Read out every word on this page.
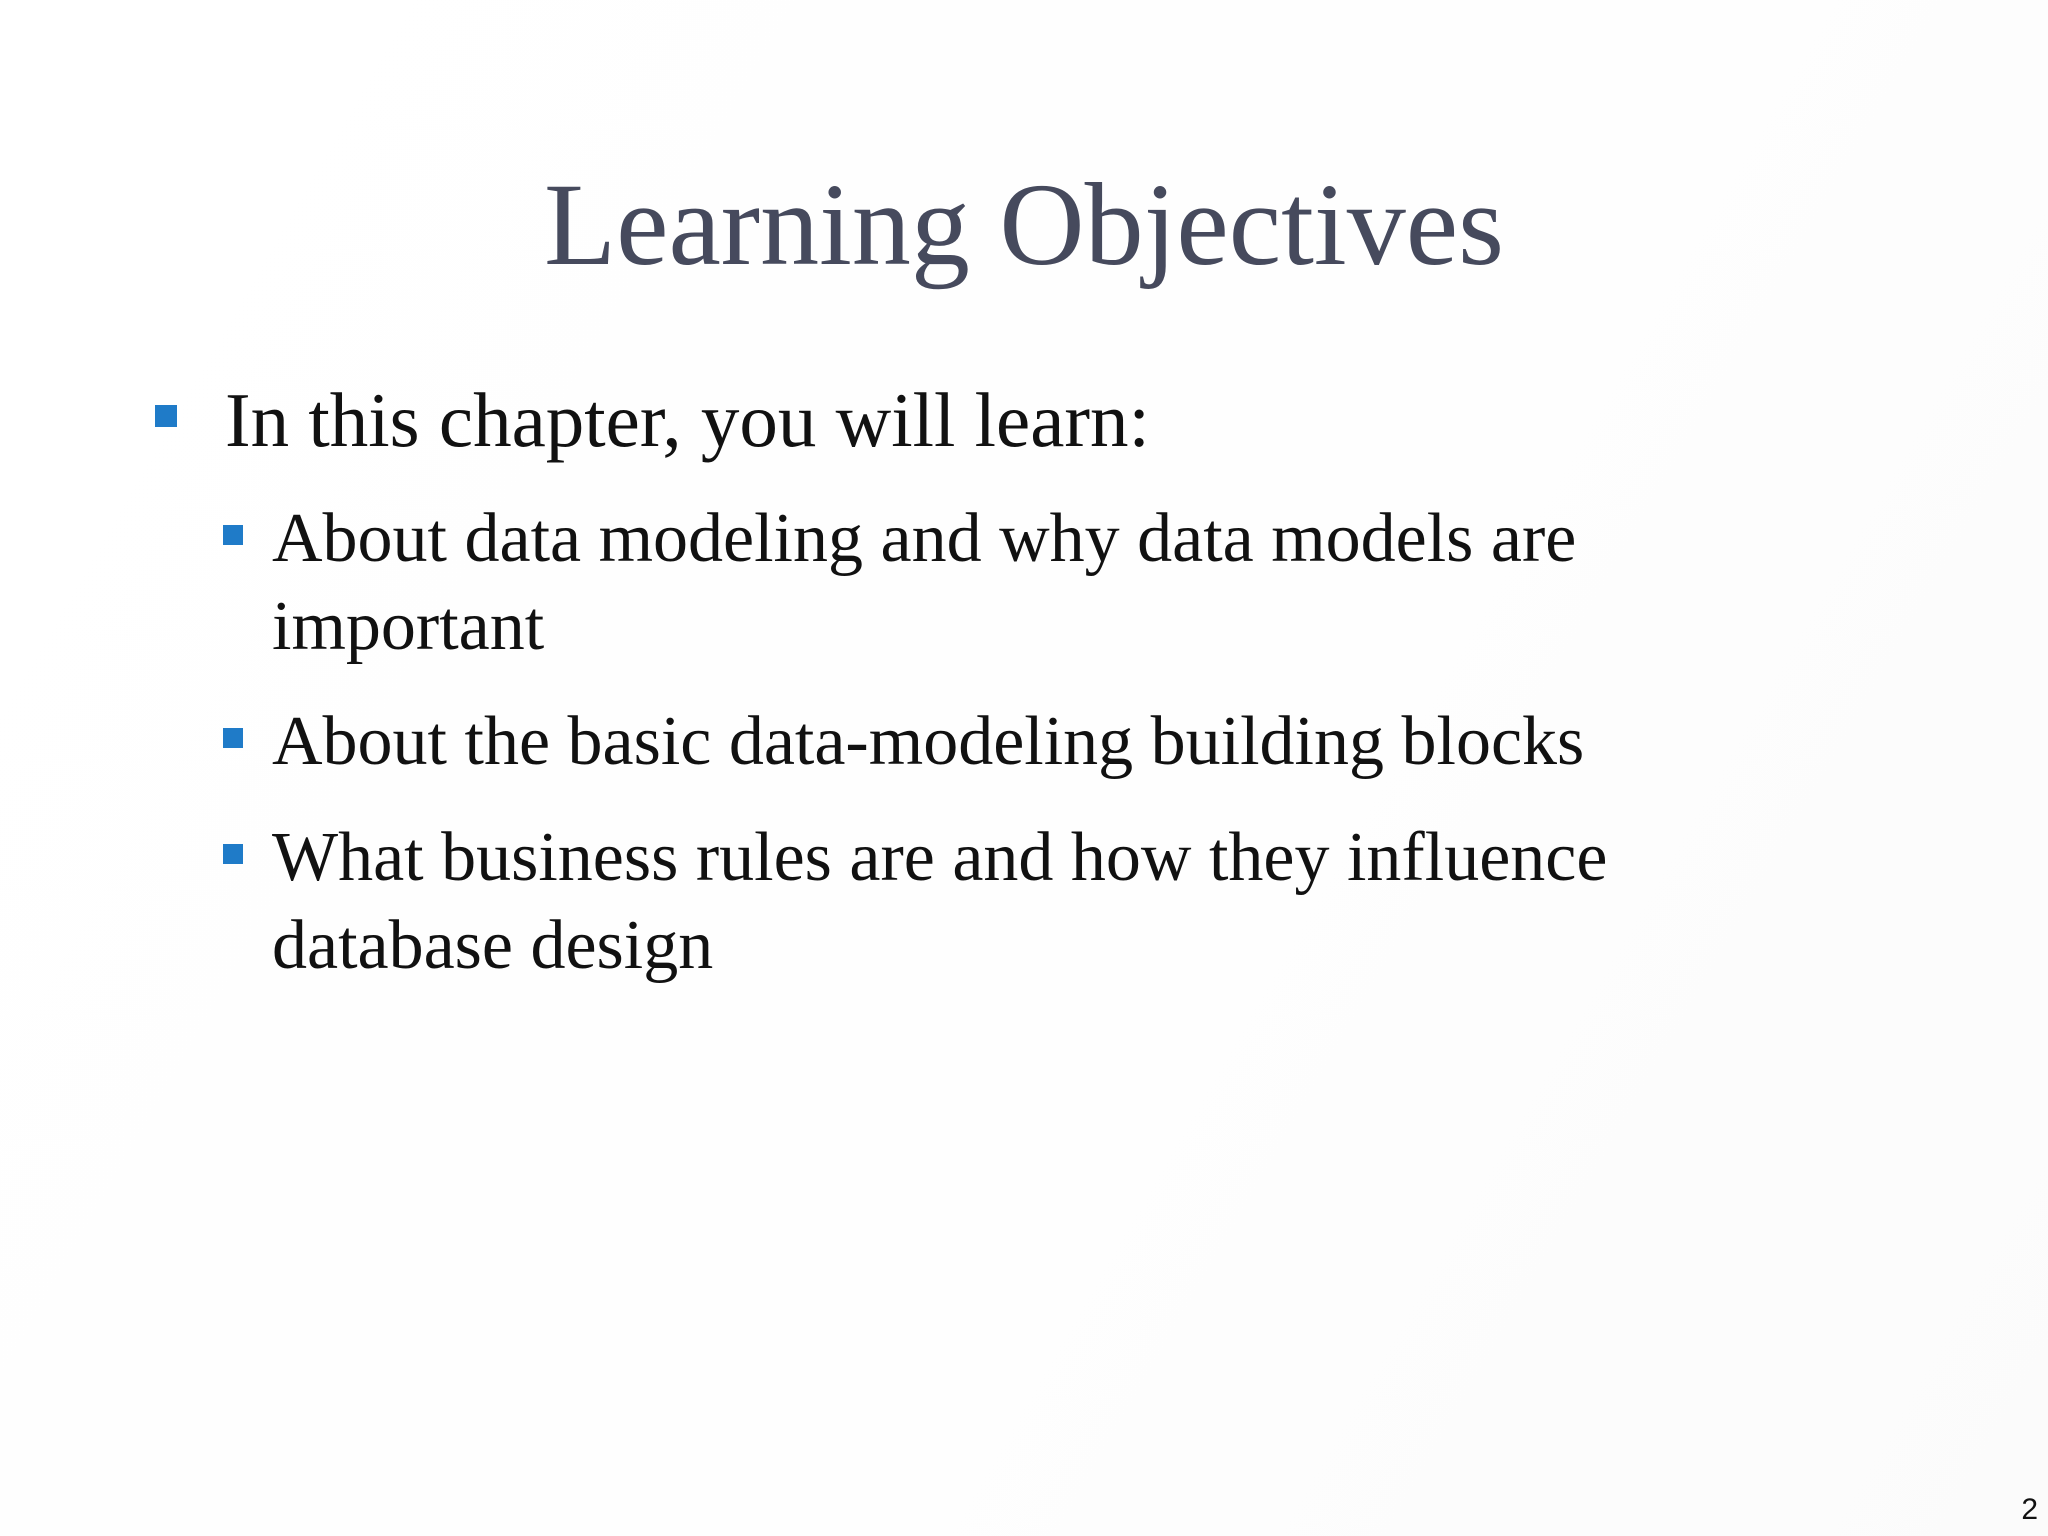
Learning Objectives
In this chapter, you will learn:
About data modeling and why data models are
important
About the basic data-modeling building blocks
What business rules are and how they influence
database design
2
